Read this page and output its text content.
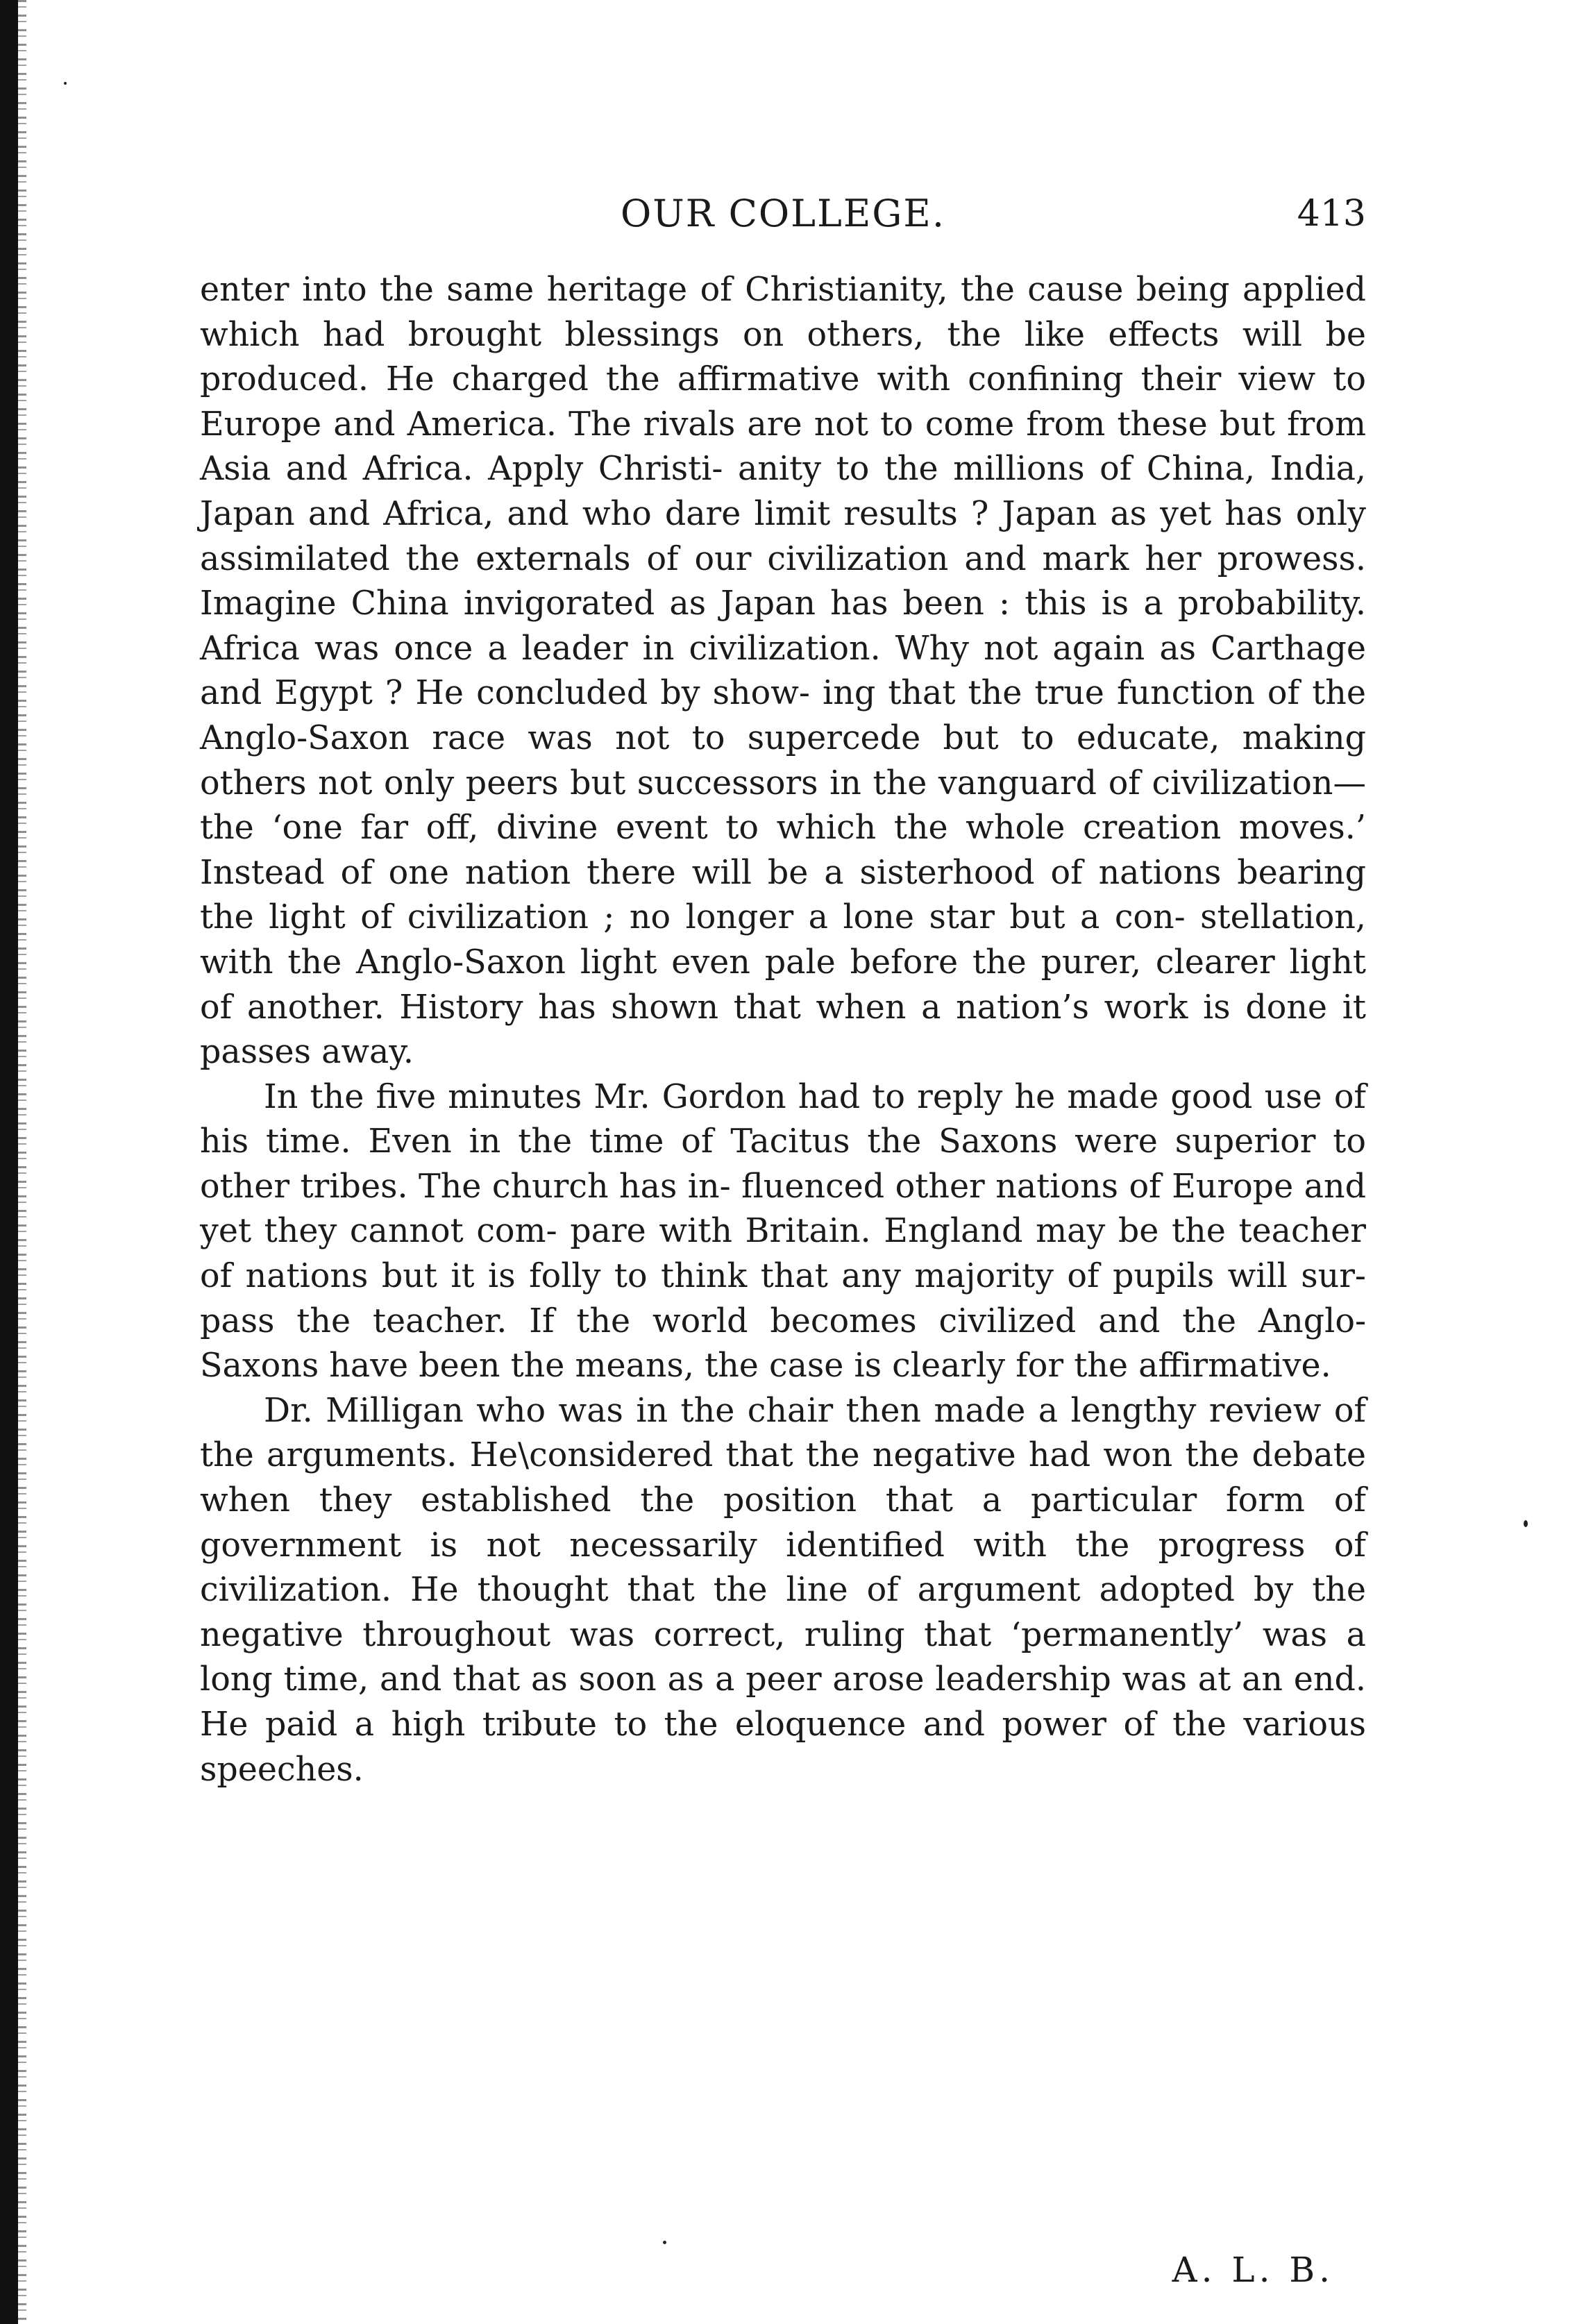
OUR COLLEGE.	413

enter into the same heritage of Christianity, the cause being applied which had brought blessings on others, the like effects will be produced. He charged the affirmative with confining their view to Europe and America. The rivals are not to come from these but from Asia and Africa. Apply Christi- anity to the millions of China, India, Japan and Africa, and who dare limit results ? Japan as yet has only assimilated the externals of our civilization and mark her prowess. Imagine China invigorated as Japan has been : this is a probability. Africa was once a leader in civilization. Why not again as Carthage and Egypt ? He concluded by show- ing that the true function of the Anglo-Saxon race was not to supercede but to educate, making others not only peers but successors in the vanguard of civilization—the ‘one far off, divine event to which the whole creation moves.’ Instead of one nation there will be a sisterhood of nations bearing the light of civilization ; no longer a lone star but a con- stellation, with the Anglo-Saxon light even pale before the purer, clearer light of another. History has shown that when a nation’s work is done it passes away.

In the five minutes Mr. Gordon had to reply he made good use of his time. Even in the time of Tacitus the Saxons were superior to other tribes. The church has in- fluenced other nations of Europe and yet they cannot com- pare with Britain. England may be the teacher of nations but it is folly to think that any majority of pupils will sur- pass the teacher. If the world becomes civilized and the Anglo-Saxons have been the means, the case is clearly for the affirmative.

Dr. Milligan who was in the chair then made a lengthy review of the arguments. He\considered that the negative had won the debate when they established the position that a particular form of government is not necessarily identified with the progress of civilization. He thought that the line of argument adopted by the negative throughout was correct, ruling that ‘permanently’ was a long time, and that as soon as a peer arose leadership was at an end. He paid a high tribute to the eloquence and power of the various speeches.

A. L. B.
